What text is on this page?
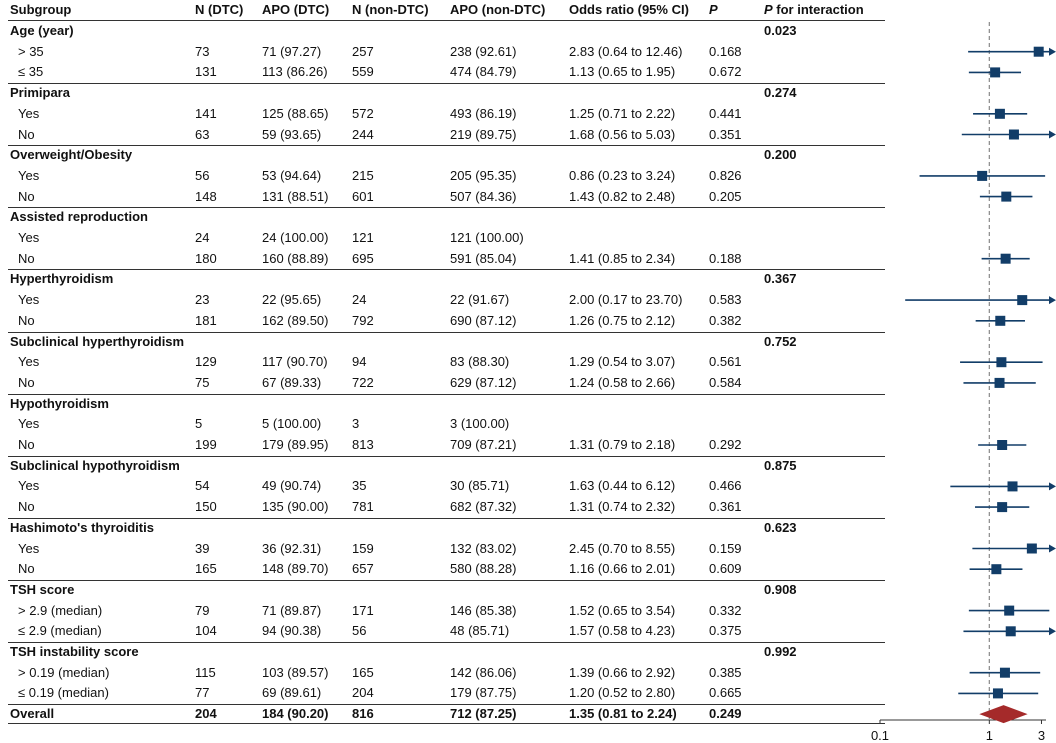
Subgroup	N (DTC) APO (DTC) N (non-DTC) APO (non-DTC) Odds ratio (95% CI) P	P for interaction
Age (year)	0.023
> 35	73	71 (97.27) 257	238 (92.61)	2.83 (0.64 to 12.46) 0.168
≤ 35	131	113 (86.26) 559	474 (84.79)	1.13 (0.65 to 1.95)	0.672
Primipara	0.274
Yes	141	125 (88.65) 572	493 (86.19)	1.25 (0.71 to 2.22)	0.441
No	63	59 (93.65) 244	219 (89.75)	1.68 (0.56 to 5.03)	0.351
Overweight/Obesity	0.200
Yes	56	53 (94.64) 215	205 (95.35)	0.86 (0.23 to 3.24)	0.826
No	148	131 (88.51) 601	507 (84.36)	1.43 (0.82 to 2.48)	0.205
Assisted reproduction
Yes	24	24 (100.00) 121	121 (100.00)
No	180	160 (88.89) 695	591 (85.04)	1.41 (0.85 to 2.34)	0.188
Hyperthyroidism	0.367
Yes	23	22 (95.65) 24	22 (91.67)	2.00 (0.17 to 23.70) 0.583
No	181	162 (89.50) 792	690 (87.12)	1.26 (0.75 to 2.12)	0.382
Subclinical hyperthyroidism	0.752
Yes	129	117 (90.70) 94	83 (88.30)	1.29 (0.54 to 3.07)	0.561
No	75	67 (89.33) 722	629 (87.12)	1.24 (0.58 to 2.66)	0.584
Hypothyroidism
Yes	5	5 (100.00) 3	3 (100.00)
No	199	179 (89.95) 813	709 (87.21)	1.31 (0.79 to 2.18)	0.292
Subclinical hypothyroidism	0.875
Yes	54	49 (90.74) 35	30 (85.71)	1.63 (0.44 to 6.12)	0.466
No	150	135 (90.00) 781	682 (87.32)	1.31 (0.74 to 2.32)	0.361
Hashimoto's thyroiditis	0.623
Yes	39	36 (92.31) 159	132 (83.02)	2.45 (0.70 to 8.55)	0.159
No	165	148 (89.70) 657	580 (88.28)	1.16 (0.66 to 2.01)	0.609
TSH score	0.908
> 2.9 (median)	79	71 (89.87) 171	146 (85.38)	1.52 (0.65 to 3.54)	0.332
≤ 2.9 (median)	104	94 (90.38) 56	48 (85.71)	1.57 (0.58 to 4.23)	0.375
TSH instability score	0.992
> 0.19 (median)	115	103 (89.57) 165	142 (86.06)	1.39 (0.66 to 2.92)	0.385
≤ 0.19 (median)	77	69 (89.61) 204	179 (87.75)	1.20 (0.52 to 2.80)	0.665
Overall	204	184 (90.20) 816	712 (87.25)	1.35 (0.81 to 2.24) 0.249
0.1	1	3
